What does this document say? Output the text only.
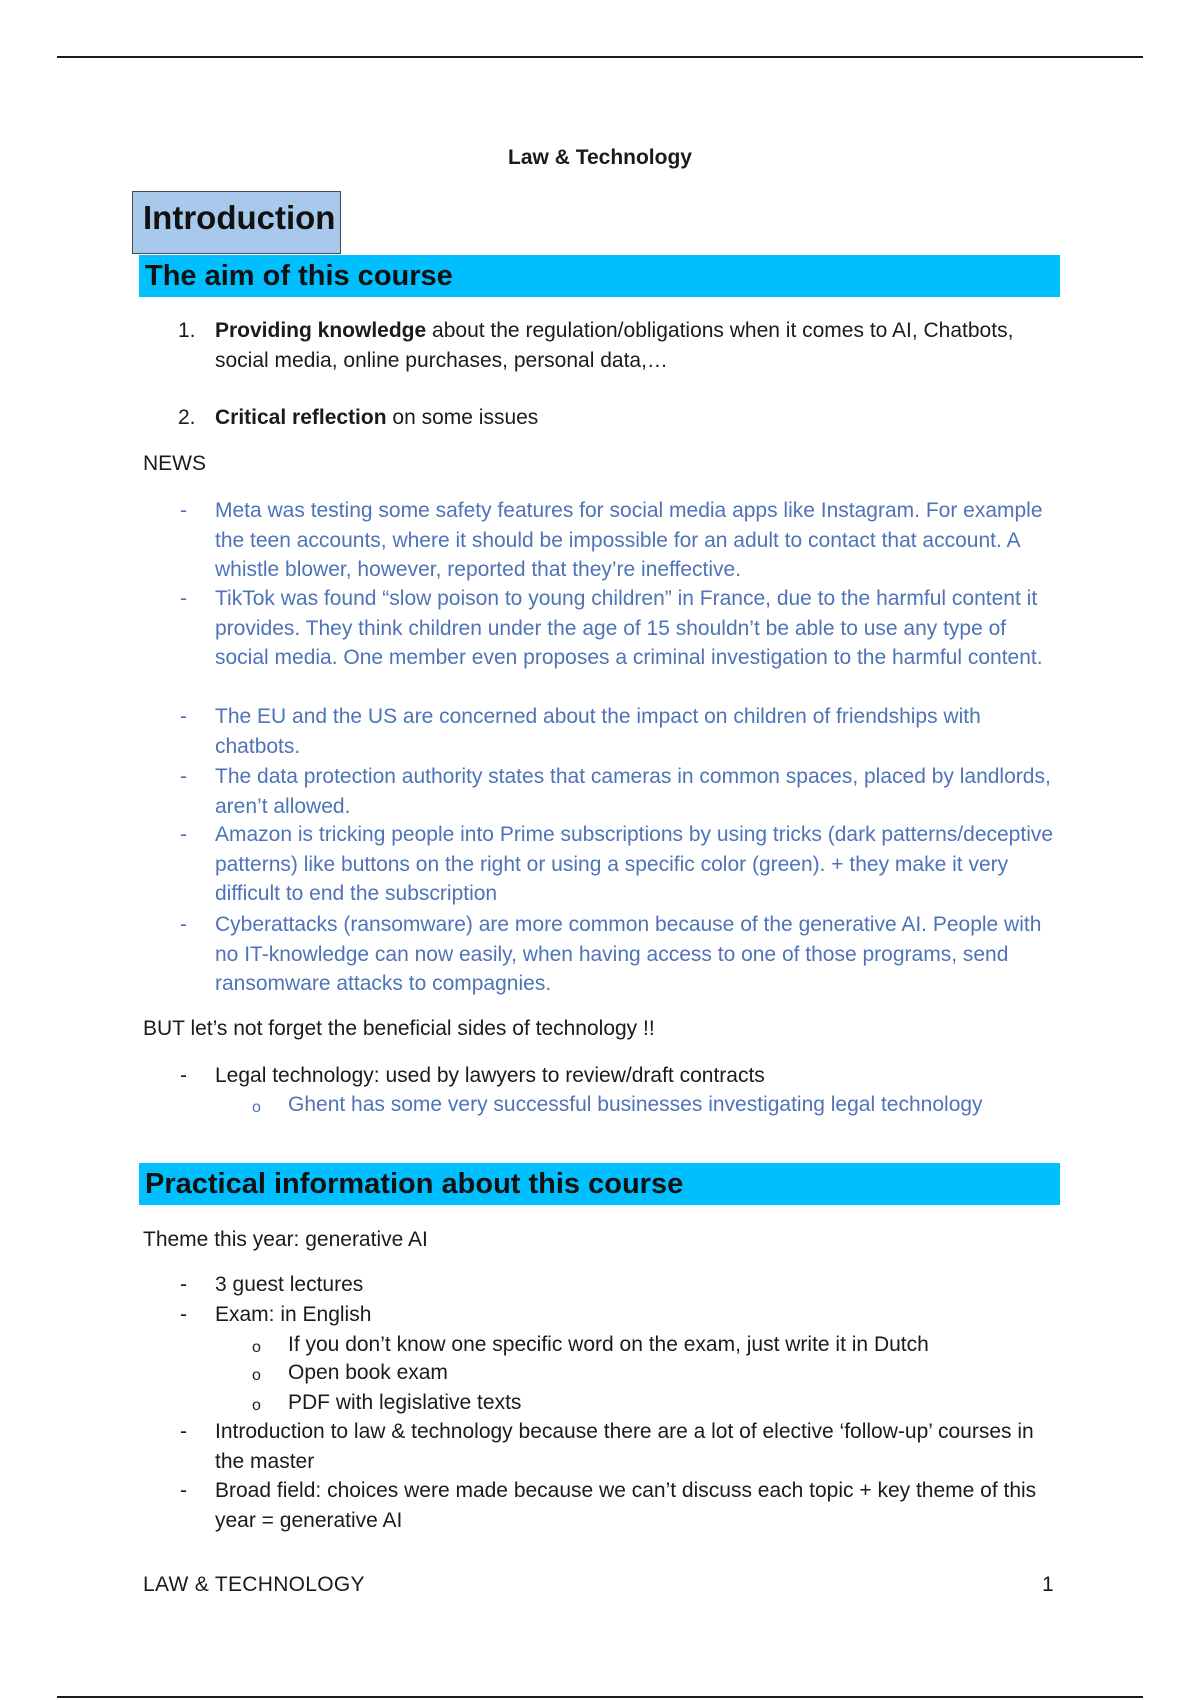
Law & Technology
Introduction
The aim of this course
1. Providing knowledge about the regulation/obligations when it comes to AI, Chatbots, social media, online purchases, personal data,…
2. Critical reflection on some issues
NEWS
- Meta was testing some safety features for social media apps like Instagram. For example the teen accounts, where it should be impossible for an adult to contact that account. A whistle blower, however, reported that they’re ineffective.
- TikTok was found “slow poison to young children” in France, due to the harmful content it provides. They think children under the age of 15 shouldn’t be able to use any type of social media. One member even proposes a criminal investigation to the harmful content.
- The EU and the US are concerned about the impact on children of friendships with chatbots.
- The data protection authority states that cameras in common spaces, placed by landlords, aren’t allowed.
- Amazon is tricking people into Prime subscriptions by using tricks (dark patterns/deceptive patterns) like buttons on the right or using a specific color (green). + they make it very difficult to end the subscription
- Cyberattacks (ransomware) are more common because of the generative AI. People with no IT-knowledge can now easily, when having access to one of those programs, send ransomware attacks to compagnies.
BUT let’s not forget the beneficial sides of technology !!
- Legal technology: used by lawyers to review/draft contracts
o Ghent has some very successful businesses investigating legal technology
Practical information about this course
Theme this year: generative AI
- 3 guest lectures
- Exam: in English
o If you don’t know one specific word on the exam, just write it in Dutch
o Open book exam
o PDF with legislative texts
- Introduction to law & technology because there are a lot of elective ‘follow-up’ courses in the master
- Broad field: choices were made because we can’t discuss each topic + key theme of this year = generative AI
LAW & TECHNOLOGY	1
